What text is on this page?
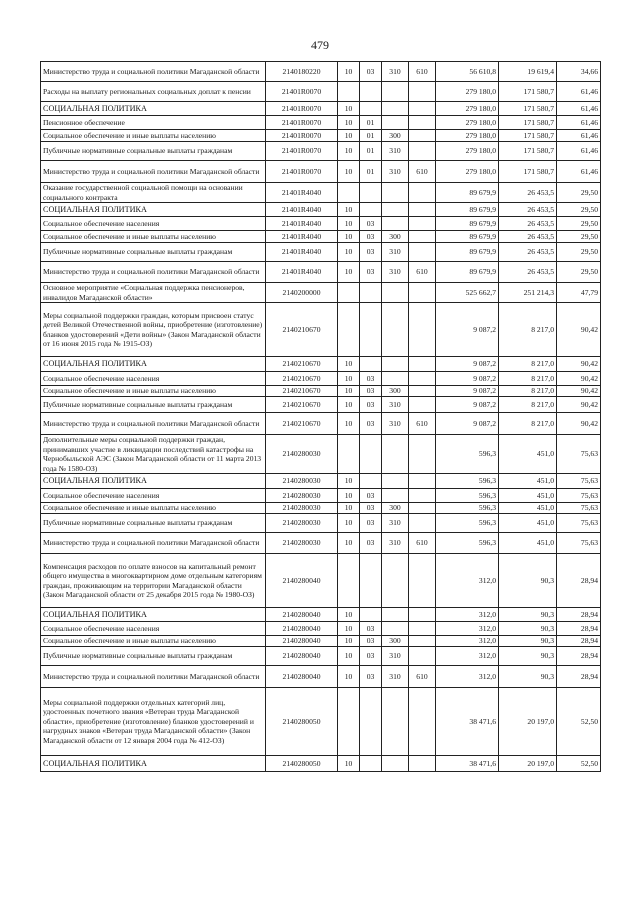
479
Министерство труда и социальной политики Магаданской области	2140180220	10	03	310	610	56 610,8	19 619,4	34,66
Расходы на выплату региональных социальных доплат к пенсии	21401R0070					279 180,0	171 580,7	61,46
СОЦИАЛЬНАЯ ПОЛИТИКА	21401R0070	10				279 180,0	171 580,7	61,46
Пенсионное обеспечение	21401R0070	10	01			279 180,0	171 580,7	61,46
Социальное обеспечение и иные выплаты населению	21401R0070	10	01	300		279 180,0	171 580,7	61,46
Публичные нормативные социальные выплаты гражданам	21401R0070	10	01	310		279 180,0	171 580,7	61,46
Министерство труда и социальной политики Магаданской области	21401R0070	10	01	310	610	279 180,0	171 580,7	61,46
Оказание государственной социальной помощи на основании социального контракта	21401R4040					89 679,9	26 453,5	29,50
СОЦИАЛЬНАЯ ПОЛИТИКА	21401R4040	10				89 679,9	26 453,5	29,50
Социальное обеспечение населения	21401R4040	10	03			89 679,9	26 453,5	29,50
Социальное обеспечение и иные выплаты населению	21401R4040	10	03	300		89 679,9	26 453,5	29,50
Публичные нормативные социальные выплаты гражданам	21401R4040	10	03	310		89 679,9	26 453,5	29,50
Министерство труда и социальной политики Магаданской области	21401R4040	10	03	310	610	89 679,9	26 453,5	29,50
Основное мероприятие «Социальная поддержка пенсионеров, инвалидов Магаданской области»	2140200000					525 662,7	251 214,3	47,79
Меры социальной поддержки граждан, которым присвоен статус детей Великой Отечественной войны, приобретение (изготовление) бланков удостоверений «Дети войны» (Закон Магаданской области от 16 июня 2015 года № 1915-ОЗ)	2140210670					9 087,2	8 217,0	90,42
СОЦИАЛЬНАЯ ПОЛИТИКА	2140210670	10				9 087,2	8 217,0	90,42
Социальное обеспечение населения	2140210670	10	03			9 087,2	8 217,0	90,42
Социальное обеспечение и иные выплаты населению	2140210670	10	03	300		9 087,2	8 217,0	90,42
Публичные нормативные социальные выплаты гражданам	2140210670	10	03	310		9 087,2	8 217,0	90,42
Министерство труда и социальной политики Магаданской области	2140210670	10	03	310	610	9 087,2	8 217,0	90,42
Дополнительные меры социальной поддержки граждан, принимавших участие в ликвидации последствий катастрофы на Чернобыльской АЭС (Закон Магаданской области от 11 марта 2013 года № 1580-ОЗ)	2140280030					596,3	451,0	75,63
СОЦИАЛЬНАЯ ПОЛИТИКА	2140280030	10				596,3	451,0	75,63
Социальное обеспечение населения	2140280030	10	03			596,3	451,0	75,63
Социальное обеспечение и иные выплаты населению	2140280030	10	03	300		596,3	451,0	75,63
Публичные нормативные социальные выплаты гражданам	2140280030	10	03	310		596,3	451,0	75,63
Министерство труда и социальной политики Магаданской области	2140280030	10	03	310	610	596,3	451,0	75,63
Компенсация расходов по оплате взносов на капитальный ремонт общего имущества в многоквартирном доме отдельным категориям граждан, проживающим на территории Магаданской области (Закон Магаданской области от 25 декабря 2015 года № 1980-ОЗ)	2140280040					312,0	90,3	28,94
СОЦИАЛЬНАЯ ПОЛИТИКА	2140280040	10				312,0	90,3	28,94
Социальное обеспечение населения	2140280040	10	03			312,0	90,3	28,94
Социальное обеспечение и иные выплаты населению	2140280040	10	03	300		312,0	90,3	28,94
Публичные нормативные социальные выплаты гражданам	2140280040	10	03	310		312,0	90,3	28,94
Министерство труда и социальной политики Магаданской области	2140280040	10	03	310	610	312,0	90,3	28,94
Меры социальной поддержки отдельных категорий лиц, удостоенных почетного звания «Ветеран труда Магаданской области», приобретение (изготовление) бланков удостоверений и нагрудных знаков «Ветеран труда Магаданской области» (Закон Магаданской области от 12 января 2004 года № 412-ОЗ)	2140280050					38 471,6	20 197,0	52,50
СОЦИАЛЬНАЯ ПОЛИТИКА	2140280050	10				38 471,6	20 197,0	52,50
